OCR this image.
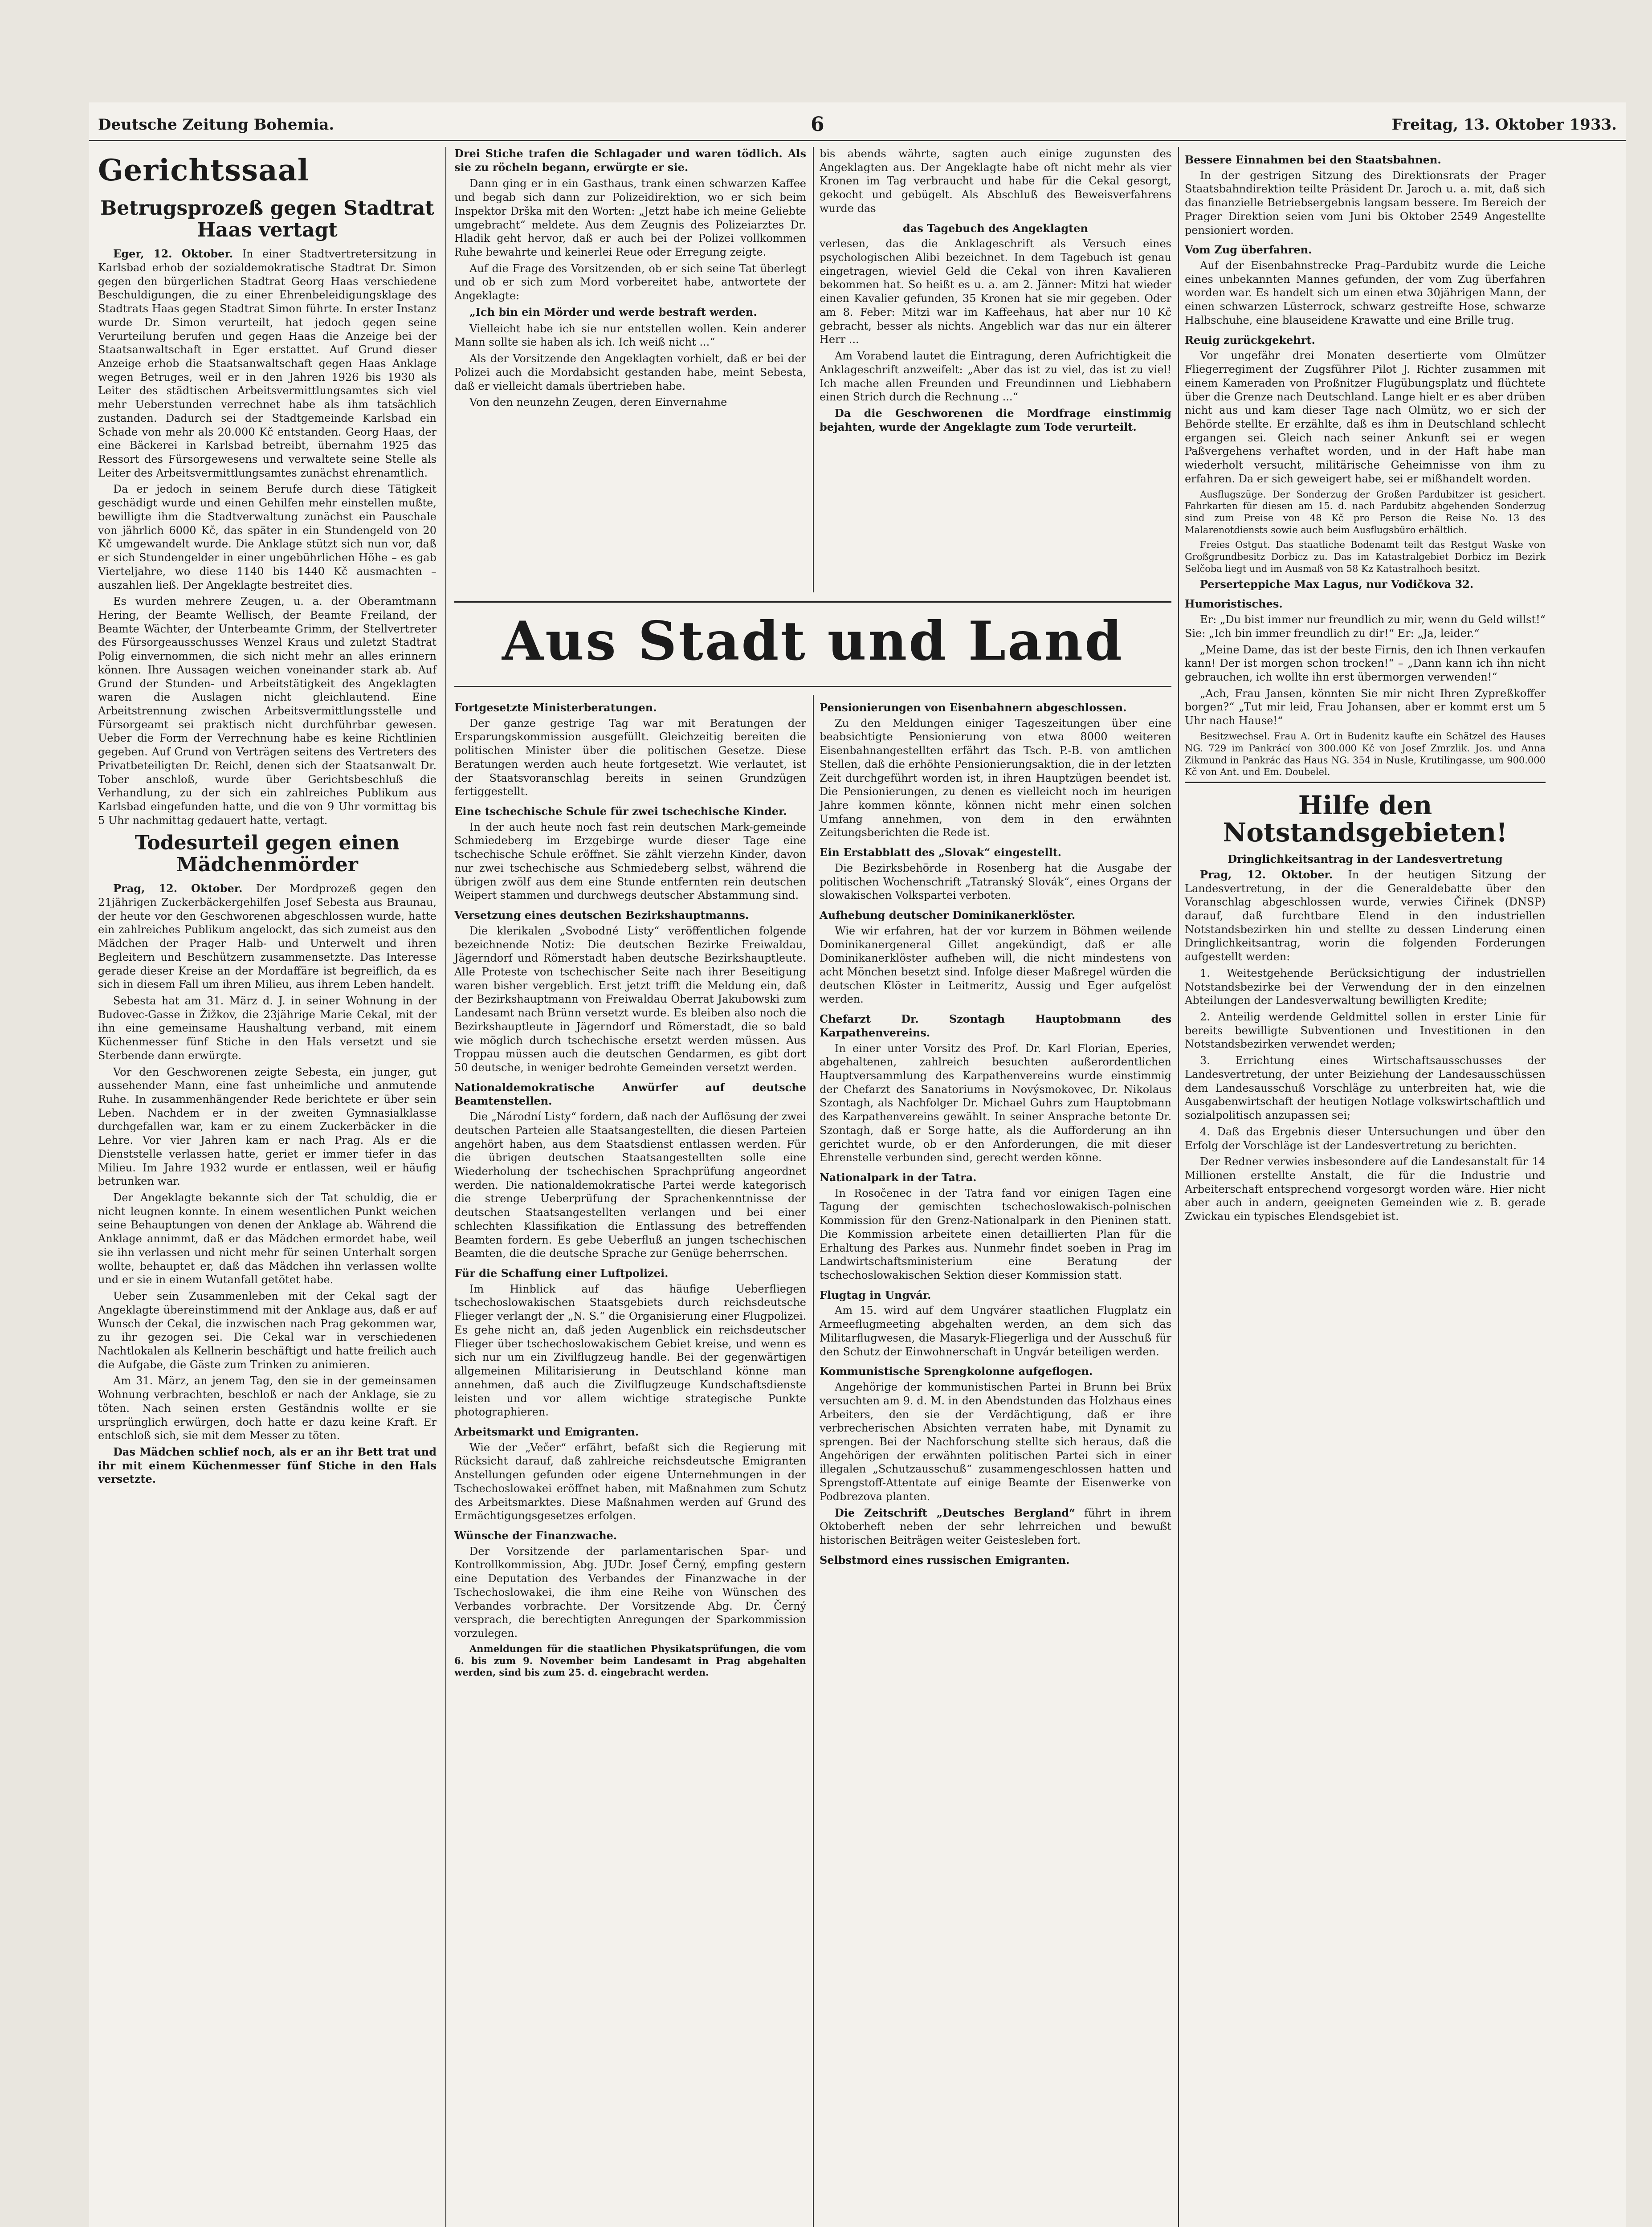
Deutsche Zeitung Bohemia.	6	Freitag, 13. Oktober 1933.
Gerichtssaal
Betrugsprozeß gegen Stadtrat Haas vertagt

Eger, 12. Oktober. In einer Stadtvertretersitzung in Karlsbad erhob der sozialdemokratische Stadtrat Dr. Simon gegen den bürgerlichen Stadtrat Georg Haas verschiedene Beschuldigungen, die zu einer Ehrenbeleidigungsklage des Stadtrats Haas gegen Stadtrat Simon führte. In erster Instanz wurde Dr. Simon verurteilt, hat jedoch gegen seine Verurteilung berufen und gegen Haas die Anzeige bei der Staatsanwaltschaft in Eger erstattet. Auf Grund dieser Anzeige erhob die Staatsanwaltschaft gegen Haas Anklage wegen Betruges, weil er in den Jahren 1926 bis 1930 als Leiter des städtischen Arbeitsvermittlungsamtes sich viel mehr Ueberstunden verrechnet habe als ihm tatsächlich zustanden. Dadurch sei der Stadtgemeinde Karlsbad ein Schade von mehr als 20.000 Kč entstanden. Georg Haas, der eine Bäckerei in Karlsbad betreibt, übernahm 1925 das Ressort des Fürsorgewesens und verwaltete seine Stelle als Leiter des Arbeitsvermittlungsamtes zunächst ehrenamtlich.

Da er jedoch in seinem Berufe durch diese Tätigkeit geschädigt wurde und einen Gehilfen mehr einstellen mußte, bewilligte ihm die Stadtverwaltung zunächst ein Pauschale von jährlich 6000 Kč, das später in ein Stundengeld von 20 Kč umgewandelt wurde. Die Anklage stützt sich nun vor, daß er sich Stundengelder in einer ungebührlichen Höhe – es gab Vierteljahre, wo diese 1140 bis 1440 Kč ausmachten – auszahlen ließ. Der Angeklagte bestreitet dies.

Es wurden mehrere Zeugen, u. a. der Oberamtmann Hering, der Beamte Wellisch, der Beamte Freiland, der Beamte Wächter, der Unterbeamte Grimm, der Stellvertreter des Fürsorgeausschusses Wenzel Kraus und zuletzt Stadtrat Polig einvernommen, die sich nicht mehr an alles erinnern können. Ihre Aussagen weichen voneinander stark ab. Auf Grund der Stunden- und Arbeitstätigkeit des Angeklagten waren die Auslagen nicht gleichlautend. Eine Arbeitstrennung zwischen Arbeitsvermittlungsstelle und Fürsorgeamt sei praktisch nicht durchführbar gewesen. Ueber die Form der Verrechnung habe es keine Richtlinien gegeben. Auf Grund von Verträgen seitens des Vertreters des Privatbeteiligten Dr. Reichl, denen sich der Staatsanwalt Dr. Tober anschloß, wurde über Gerichtsbeschluß die Verhandlung, zu der sich ein zahlreiches Publikum aus Karlsbad eingefunden hatte, und die von 9 Uhr vormittag bis 5 Uhr nachmittag gedauert hatte, vertagt.

Todesurteil gegen einen Mädchenmörder

Prag, 12. Oktober. Der Mordprozeß gegen den 21jährigen Zuckerbäckergehilfen Josef Sebesta aus Braunau, der heute vor den Geschworenen abgeschlossen wurde, hatte ein zahlreiches Publikum angelockt, das sich zumeist aus den Mädchen der Prager Halb- und Unterwelt und ihren Begleitern und Beschützern zusammensetzte. Das Interesse gerade dieser Kreise an der Mordaffäre ist begreiflich, da es sich in diesem Fall um ihren Milieu, aus ihrem Leben handelt.

Sebesta hat am 31. März d. J. in seiner Wohnung in der Budovec-Gasse in Žižkov, die 23jährige Marie Cekal, mit der ihn eine gemeinsame Haushaltung verband, mit einem Küchenmesser fünf Stiche in den Hals versetzt und sie Sterbende dann erwürgte.

Vor den Geschworenen zeigte Sebesta, ein junger, gut aussehender Mann, eine fast unheimliche und anmutende Ruhe. In zusammenhängender Rede berichtete er über sein Leben. Nachdem er in der zweiten Gymnasialklasse durchgefallen war, kam er zu einem Zuckerbäcker in die Lehre. Vor vier Jahren kam er nach Prag. Als er die Dienststelle verlassen hatte, geriet er immer tiefer in das Milieu. Im Jahre 1932 wurde er entlassen, weil er häufig betrunken war.

Der Angeklagte bekannte sich der Tat schuldig, die er nicht leugnen konnte. In einem wesentlichen Punkt weichen seine Behauptungen von denen der Anklage ab. Während die Anklage annimmt, daß er das Mädchen ermordet habe, weil sie ihn verlassen und nicht mehr für seinen Unterhalt sorgen wollte, behauptet er, daß das Mädchen ihn verlassen wollte und er sie in einem Wutanfall getötet habe.

Ueber sein Zusammenleben mit der Cekal sagt der Angeklagte übereinstimmend mit der Anklage aus, daß er auf Wunsch der Cekal, die inzwischen nach Prag gekommen war, zu ihr gezogen sei. Die Cekal war in verschiedenen Nachtlokalen als Kellnerin beschäftigt und hatte freilich auch die Aufgabe, die Gäste zum Trinken zu animieren.

Am 31. März, an jenem Tag, den sie in der gemeinsamen Wohnung verbrachten, beschloß er nach der Anklage, sie zu töten. Nach seinen ersten Geständnis wollte er sie ursprünglich erwürgen, doch hatte er dazu keine Kraft. Er entschloß sich, sie mit dem Messer zu töten.

Das Mädchen schlief noch, als er an ihr Bett trat und ihr mit einem Küchenmesser fünf Stiche in den Hals versetzte.

Drei Stiche trafen die Schlagader und waren tödlich. Als sie zu röcheln begann, erwürgte er sie.

Dann ging er in ein Gasthaus, trank einen schwarzen Kaffee und begab sich dann zur Polizeidirektion, wo er sich beim Inspektor Drška mit den Worten: „Jetzt habe ich meine Geliebte umgebracht“ meldete. Aus dem Zeugnis des Polizeiarztes Dr. Hladik geht hervor, daß er auch bei der Polizei vollkommen Ruhe bewahrte und keinerlei Reue oder Erregung zeigte.

Auf die Frage des Vorsitzenden, ob er sich seine Tat überlegt und ob er sich zum Mord vorbereitet habe, antwortete der Angeklagte:

„Ich bin ein Mörder und werde bestraft werden.

Vielleicht habe ich sie nur entstellen wollen. Kein anderer Mann sollte sie haben als ich. Ich weiß nicht ...“

Als der Vorsitzende den Angeklagten vorhielt, daß er bei der Polizei auch die Mordabsicht gestanden habe, meint Sebesta, daß er vielleicht damals übertrieben habe.

Von den neunzehn Zeugen, deren Einvernahme

bis abends währte, sagten auch einige zugunsten des Angeklagten aus. Der Angeklagte habe oft nicht mehr als vier Kronen im Tag verbraucht und habe für die Cekal gesorgt, gekocht und gebügelt. Als Abschluß des Beweisverfahrens wurde das

das Tagebuch des Angeklagten

verlesen, das die Anklageschrift als Versuch eines psychologischen Alibi bezeichnet. In dem Tagebuch ist genau eingetragen, wieviel Geld die Cekal von ihren Kavalieren bekommen hat. So heißt es u. a. am 2. Jänner: Mitzi hat wieder einen Kavalier gefunden, 35 Kronen hat sie mir gegeben. Oder am 8. Feber: Mitzi war im Kaffeehaus, hat aber nur 10 Kč gebracht, besser als nichts. Angeblich war das nur ein älterer Herr ...

Am Vorabend lautet die Eintragung, deren Aufrichtigkeit die Anklageschrift anzweifelt: „Aber das ist zu viel, das ist zu viel! Ich mache allen Freunden und Freundinnen und Liebhabern einen Strich durch die Rechnung ...“

Da die Geschworenen die Mordfrage einstimmig bejahten, wurde der Angeklagte zum Tode verurteilt.

Aus Stadt und Land
Fortgesetzte Ministerberatungen.

Der ganze gestrige Tag war mit Beratungen der Ersparungskommission ausgefüllt. Gleichzeitig bereiten die politischen Minister über die politischen Gesetze. Diese Beratungen werden auch heute fortgesetzt. Wie verlautet, ist der Staatsvoranschlag bereits in seinen Grundzügen fertiggestellt.

Eine tschechische Schule für zwei tschechische Kinder.

In der auch heute noch fast rein deutschen Mark-gemeinde Schmiedeberg im Erzgebirge wurde dieser Tage eine tschechische Schule eröffnet. Sie zählt vierzehn Kinder, davon nur zwei tschechische aus Schmiedeberg selbst, während die übrigen zwölf aus dem eine Stunde entfernten rein deutschen Weipert stammen und durchwegs deutscher Abstammung sind.

Versetzung eines deutschen Bezirkshauptmanns.

Die klerikalen „Svobodné Listy“ veröffentlichen folgende bezeichnende Notiz: Die deutschen Bezirke Freiwaldau, Jägerndorf und Römerstadt haben deutsche Bezirkshauptleute. Alle Proteste von tschechischer Seite nach ihrer Beseitigung waren bisher vergeblich. Erst jetzt trifft die Meldung ein, daß der Bezirkshauptmann von Freiwaldau Oberrat Jakubowski zum Landesamt nach Brünn versetzt wurde. Es bleiben also noch die Bezirkshauptleute in Jägerndorf und Römerstadt, die so bald wie möglich durch tschechische ersetzt werden müssen. Aus Troppau müssen auch die deutschen Gendarmen, es gibt dort 50 deutsche, in weniger bedrohte Gemeinden versetzt werden.

Nationaldemokratische Anwürfer auf deutsche Beamtenstellen.

Die „Národní Listy“ fordern, daß nach der Auflösung der zwei deutschen Parteien alle Staatsangestellten, die diesen Parteien angehört haben, aus dem Staatsdienst entlassen werden. Für die übrigen deutschen Staatsangestellten solle eine Wiederholung der tschechischen Sprachprüfung angeordnet werden. Die nationaldemokratische Partei werde kategorisch die strenge Ueberprüfung der Sprachenkenntnisse der deutschen Staatsangestellten verlangen und bei einer schlechten Klassifikation die Entlassung des betreffenden Beamten fordern. Es gebe Ueberfluß an jungen tschechischen Beamten, die die deutsche Sprache zur Genüge beherrschen.

Für die Schaffung einer Luftpolizei.

Im Hinblick auf das häufige Ueberfliegen tschechoslowakischen Staatsgebiets durch reichsdeutsche Flieger verlangt der „N. S.“ die Organisierung einer Flugpolizei. Es gehe nicht an, daß jeden Augenblick ein reichsdeutscher Flieger über tschechoslowakischem Gebiet kreise, und wenn es sich nur um ein Zivilflugzeug handle. Bei der gegenwärtigen allgemeinen Militarisierung in Deutschland könne man annehmen, daß auch die Zivilflugzeuge Kundschaftsdienste leisten und vor allem wichtige strategische Punkte photographieren.

Arbeitsmarkt und Emigranten.

Wie der „Večer“ erfährt, befaßt sich die Regierung mit Rücksicht darauf, daß zahlreiche reichsdeutsche Emigranten Anstellungen gefunden oder eigene Unternehmungen in der Tschechoslowakei eröffnet haben, mit Maßnahmen zum Schutz des Arbeitsmarktes. Diese Maßnahmen werden auf Grund des Ermächtigungsgesetzes erfolgen.

Wünsche der Finanzwache.

Der Vorsitzende der parlamentarischen Spar- und Kontrollkommission, Abg. JUDr. Josef Černý, empfing gestern eine Deputation des Verbandes der Finanzwache in der Tschechoslowakei, die ihm eine Reihe von Wünschen des Verbandes vorbrachte. Der Vorsitzende Abg. Dr. Černý versprach, die berechtigten Anregungen der Sparkommission vorzulegen.

Anmeldungen für die staatlichen Physikatsprüfungen, die vom 6. bis zum 9. November beim Landesamt in Prag abgehalten werden, sind bis zum 25. d. eingebracht werden.

Pensionierungen von Eisenbahnern abgeschlossen.

Zu den Meldungen einiger Tageszeitungen über eine beabsichtigte Pensionierung von etwa 8000 weiteren Eisenbahnangestellten erfährt das Tsch. P.-B. von amtlichen Stellen, daß die erhöhte Pensionierungsaktion, die in der letzten Zeit durchgeführt worden ist, in ihren Hauptzügen beendet ist. Die Pensionierungen, zu denen es vielleicht noch im heurigen Jahre kommen könnte, können nicht mehr einen solchen Umfang annehmen, von dem in den erwähnten Zeitungsberichten die Rede ist.

Ein Erstabblatt des „Slovak“ eingestellt.

Die Bezirksbehörde in Rosenberg hat die Ausgabe der politischen Wochenschrift „Tatranský Slovák“, eines Organs der slowakischen Volkspartei verboten.

Aufhebung deutscher Dominikanerklöster.

Wie wir erfahren, hat der vor kurzem in Böhmen weilende Dominikanergeneral Gillet angekündigt, daß er alle Dominikanerklöster aufheben will, die nicht mindestens von acht Mönchen besetzt sind. Infolge dieser Maßregel würden die deutschen Klöster in Leitmeritz, Aussig und Eger aufgelöst werden.

Chefarzt Dr. Szontagh Hauptobmann des Karpathenvereins.

In einer unter Vorsitz des Prof. Dr. Karl Florian, Eperies, abgehaltenen, zahlreich besuchten außerordentlichen Hauptversammlung des Karpathenvereins wurde einstimmig der Chefarzt des Sanatoriums in Novýsmokovec, Dr. Nikolaus Szontagh, als Nachfolger Dr. Michael Guhrs zum Hauptobmann des Karpathenvereins gewählt. In seiner Ansprache betonte Dr. Szontagh, daß er Sorge hatte, als die Aufforderung an ihn gerichtet wurde, ob er den Anforderungen, die mit dieser Ehrenstelle verbunden sind, gerecht werden könne.

Nationalpark in der Tatra.

In Rosočenec in der Tatra fand vor einigen Tagen eine Tagung der gemischten tschechoslowakisch-polnischen Kommission für den Grenz-Nationalpark in den Pieninen statt. Die Kommission arbeitete einen detaillierten Plan für die Erhaltung des Parkes aus. Nunmehr findet soeben in Prag im Landwirtschaftsministerium eine Beratung der tschechoslowakischen Sektion dieser Kommission statt.

Flugtag in Ungvár.

Am 15. wird auf dem Ungvárer staatlichen Flugplatz ein Armeeflugmeeting abgehalten werden, an dem sich das Militarflugwesen, die Masaryk-Fliegerliga und der Ausschuß für den Schutz der Einwohnerschaft in Ungvár beteiligen werden.

Kommunistische Sprengkolonne aufgeflogen.

Angehörige der kommunistischen Partei in Brunn bei Brüx versuchten am 9. d. M. in den Abendstunden das Holzhaus eines Arbeiters, den sie der Verdächtigung, daß er ihre verbrecherischen Absichten verraten habe, mit Dynamit zu sprengen. Bei der Nachforschung stellte sich heraus, daß die Angehörigen der erwähnten politischen Partei sich in einer illegalen „Schutzausschuß“ zusammengeschlossen hatten und Sprengstoff-Attentate auf einige Beamte der Eisenwerke von Podbrezova planten.

Die Zeitschrift „Deutsches Bergland“ führt in ihrem Oktoberheft neben der sehr lehrreichen und bewußt historischen Beiträgen weiter Geistesleben fort.

Selbstmord eines russischen Emigranten.
Bessere Einnahmen bei den Staatsbahnen.

In der gestrigen Sitzung des Direktionsrats der Prager Staatsbahndirektion teilte Präsident Dr. Jaroch u. a. mit, daß sich das finanzielle Betriebsergebnis langsam bessere. Im Bereich der Prager Direktion seien vom Juni bis Oktober 2549 Angestellte pensioniert worden.

Vom Zug überfahren.

Auf der Eisenbahnstrecke Prag–Pardubitz wurde die Leiche eines unbekannten Mannes gefunden, der vom Zug überfahren worden war. Es handelt sich um einen etwa 30jährigen Mann, der einen schwarzen Lüsterrock, schwarz gestreifte Hose, schwarze Halbschuhe, eine blauseidene Krawatte und eine Brille trug.

Reuig zurückgekehrt.

Vor ungefähr drei Monaten desertierte vom Olmützer Fliegerregiment der Zugsführer Pilot J. Richter zusammen mit einem Kameraden von Proßnitzer Flugübungsplatz und flüchtete über die Grenze nach Deutschland. Lange hielt er es aber drüben nicht aus und kam dieser Tage nach Olmütz, wo er sich der Behörde stellte. Er erzählte, daß es ihm in Deutschland schlecht ergangen sei. Gleich nach seiner Ankunft sei er wegen Paßvergehens verhaftet worden, und in der Haft habe man wiederholt versucht, militärische Geheimnisse von ihm zu erfahren. Da er sich geweigert habe, sei er mißhandelt worden.

Ausflugszüge. Der Sonderzug der Großen Pardubitzer ist gesichert. Fahrkarten für diesen am 15. d. nach Pardubitz abgehenden Sonderzug sind zum Preise von 48 Kč pro Person die Reise No. 13 des Malarenotdiensts sowie auch beim Ausflugsbüro erhältlich.

Freies Ostgut. Das staatliche Bodenamt teilt das Restgut Waske von Großgrundbesitz Dorbicz zu. Das im Katastralgebiet Dorbicz im Bezirk Selčoba liegt und im Ausmaß von 58 Kz Katastralhoch besitzt.

Perserteppiche Max Lagus, nur Vodičkova 32.

Humoristisches.

Er: „Du bist immer nur freundlich zu mir, wenn du Geld willst!“ Sie: „Ich bin immer freundlich zu dir!“ Er: „Ja, leider.“

„Meine Dame, das ist der beste Firnis, den ich Ihnen verkaufen kann! Der ist morgen schon trocken!“ – „Dann kann ich ihn nicht gebrauchen, ich wollte ihn erst übermorgen verwenden!“

„Ach, Frau Jansen, könnten Sie mir nicht Ihren Zypreßkoffer borgen?“ „Tut mir leid, Frau Johansen, aber er kommt erst um 5 Uhr nach Hause!“

Besitzwechsel. Frau A. Ort in Budenitz kaufte ein Schätzel des Hauses NG. 729 im Pankrácí von 300.000 Kč von Josef Zmrzlik. Jos. und Anna Zikmund in Pankrác das Haus NG. 354 in Nusle, Krutilingasse, um 900.000 Kč von Ant. und Em. Doubelel.

Hilfe den Notstandsgebieten!
Dringlichkeitsantrag in der Landesvertretung

Prag, 12. Oktober. In der heutigen Sitzung der Landesvertretung, in der die Generaldebatte über den Voranschlag abgeschlossen wurde, verwies Čiřinek (DNSP) darauf, daß furchtbare Elend in den industriellen Notstandsbezirken hin und stellte zu dessen Linderung einen Dringlichkeitsantrag, worin die folgenden Forderungen aufgestellt werden:

1. Weitestgehende Berücksichtigung der industriellen Notstandsbezirke bei der Verwendung der in den einzelnen Abteilungen der Landesverwaltung bewilligten Kredite;

2. Anteilig werdende Geldmittel sollen in erster Linie für bereits bewilligte Subventionen und Investitionen in den Notstandsbezirken verwendet werden;

3. Errichtung eines Wirtschaftsausschusses der Landesvertretung, der unter Beiziehung der Landesausschüssen dem Landesausschuß Vorschläge zu unterbreiten hat, wie die Ausgabenwirtschaft der heutigen Notlage volkswirtschaftlich und sozialpolitisch anzupassen sei;

4. Daß das Ergebnis dieser Untersuchungen und über den Erfolg der Vorschläge ist der Landesvertretung zu berichten.

Der Redner verwies insbesondere auf die Landesanstalt für 14 Millionen erstellte Anstalt, die für die Industrie und Arbeiterschaft entsprechend vorgesorgt worden wäre. Hier nicht aber auch in andern, geeigneten Gemeinden wie z. B. gerade Zwickau ein typisches Elendsgebiet ist.
